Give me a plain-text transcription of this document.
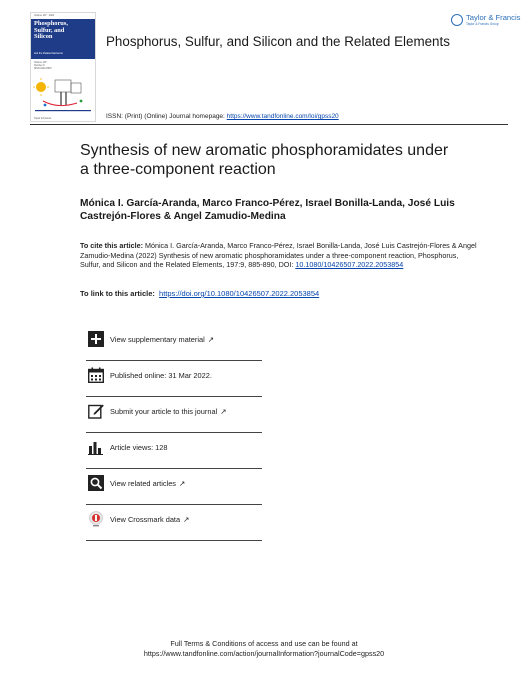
Volume 197 · 2022
Phosphorus,
Sulfur, and
Silicon
and the Related Elements
Volume 197
Number 9
ISSN 1042-6507
Taylor & Francis
Phosphorus, Sulfur, and Silicon and the Related Elements
Taylor & Francis
Taylor & Francis Group
ISSN: (Print) (Online) Journal homepage: https://www.tandfonline.com/loi/gpss20
Synthesis of new aromatic phosphoramidates under a three-component reaction
Mónica I. García-Aranda, Marco Franco-Pérez, Israel Bonilla-Landa, José Luis Castrejón-Flores & Angel Zamudio-Medina
To cite this article: Mónica I. García-Aranda, Marco Franco-Pérez, Israel Bonilla-Landa, José Luis Castrejón-Flores & Angel Zamudio-Medina (2022) Synthesis of new aromatic phosphoramidates under a three-component reaction, Phosphorus, Sulfur, and Silicon and the Related Elements, 197:9, 885-890, DOI: 10.1080/10426507.2022.2053854
To link to this article: https://doi.org/10.1080/10426507.2022.2053854
View supplementary material ↗
Published online: 31 Mar 2022.
Submit your article to this journal ↗
Article views: 128
View related articles ↗
View Crossmark data ↗
Full Terms & Conditions of access and use can be found at
https://www.tandfonline.com/action/journalInformation?journalCode=gpss20
